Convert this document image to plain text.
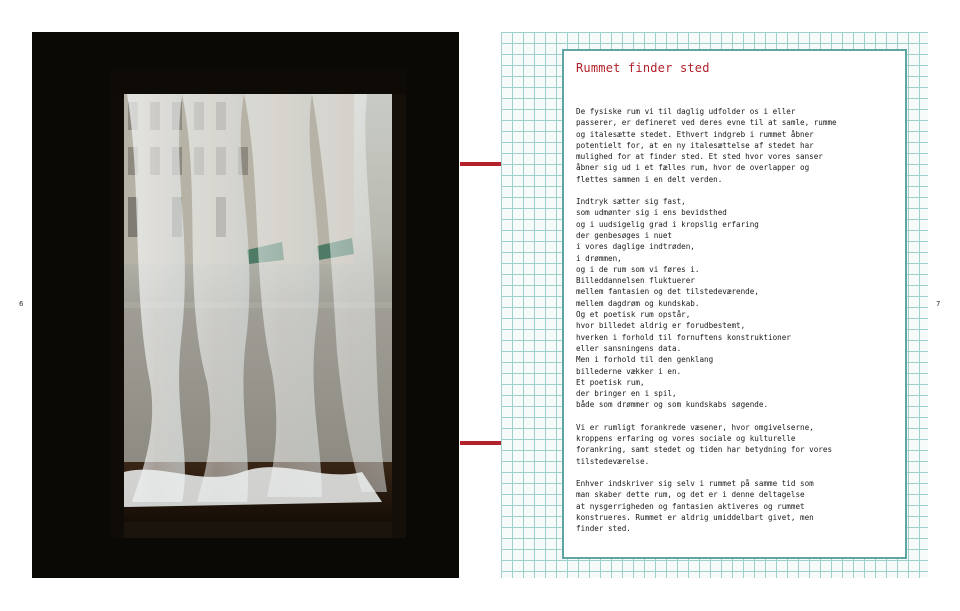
6	7
Rummet finder sted
De fysiske rum vi til daglig udfolder os i eller
passerer, er defineret ved deres evne til at samle, rumme
og italesætte stedet. Ethvert indgreb i rummet åbner
potentielt for, at en ny italesættelse af stedet har
mulighed for at finder sted. Et sted hvor vores sanser
åbner sig ud i et fælles rum, hvor de overlapper og
flettes sammen i en delt verden.
Indtryk sætter sig fast,
som udmønter sig i ens bevidsthed
og i uudsigelig grad i kropslig erfaring
der genbesøges i nuet
i vores daglige indtrøden,
i drømmen,
og i de rum som vi føres i.
Billeddannelsen fluktuerer
mellem fantasien og det tilstedeværende,
mellem dagdrøm og kundskab.
Og et poetisk rum opstår,
hvor billedet aldrig er forudbestemt,
hverken i forhold til fornuftens konstruktioner
eller sansningens data.
Men i forhold til den genklang
billederne vækker i en.
Et poetisk rum,
der bringer en i spil,
både som drømmer og som kundskabs søgende.
Vi er rumligt forankrede væsener, hvor omgivelserne,
kroppens erfaring og vores sociale og kulturelle
forankring, samt stedet og tiden har betydning for vores
tilstedeværelse.
Enhver indskriver sig selv i rummet på samme tid som
man skaber dette rum, og det er i denne deltagelse
at nysgerrigheden og fantasien aktiveres og rummet
konstrueres. Rummet er aldrig umiddelbart givet, men
finder sted.
